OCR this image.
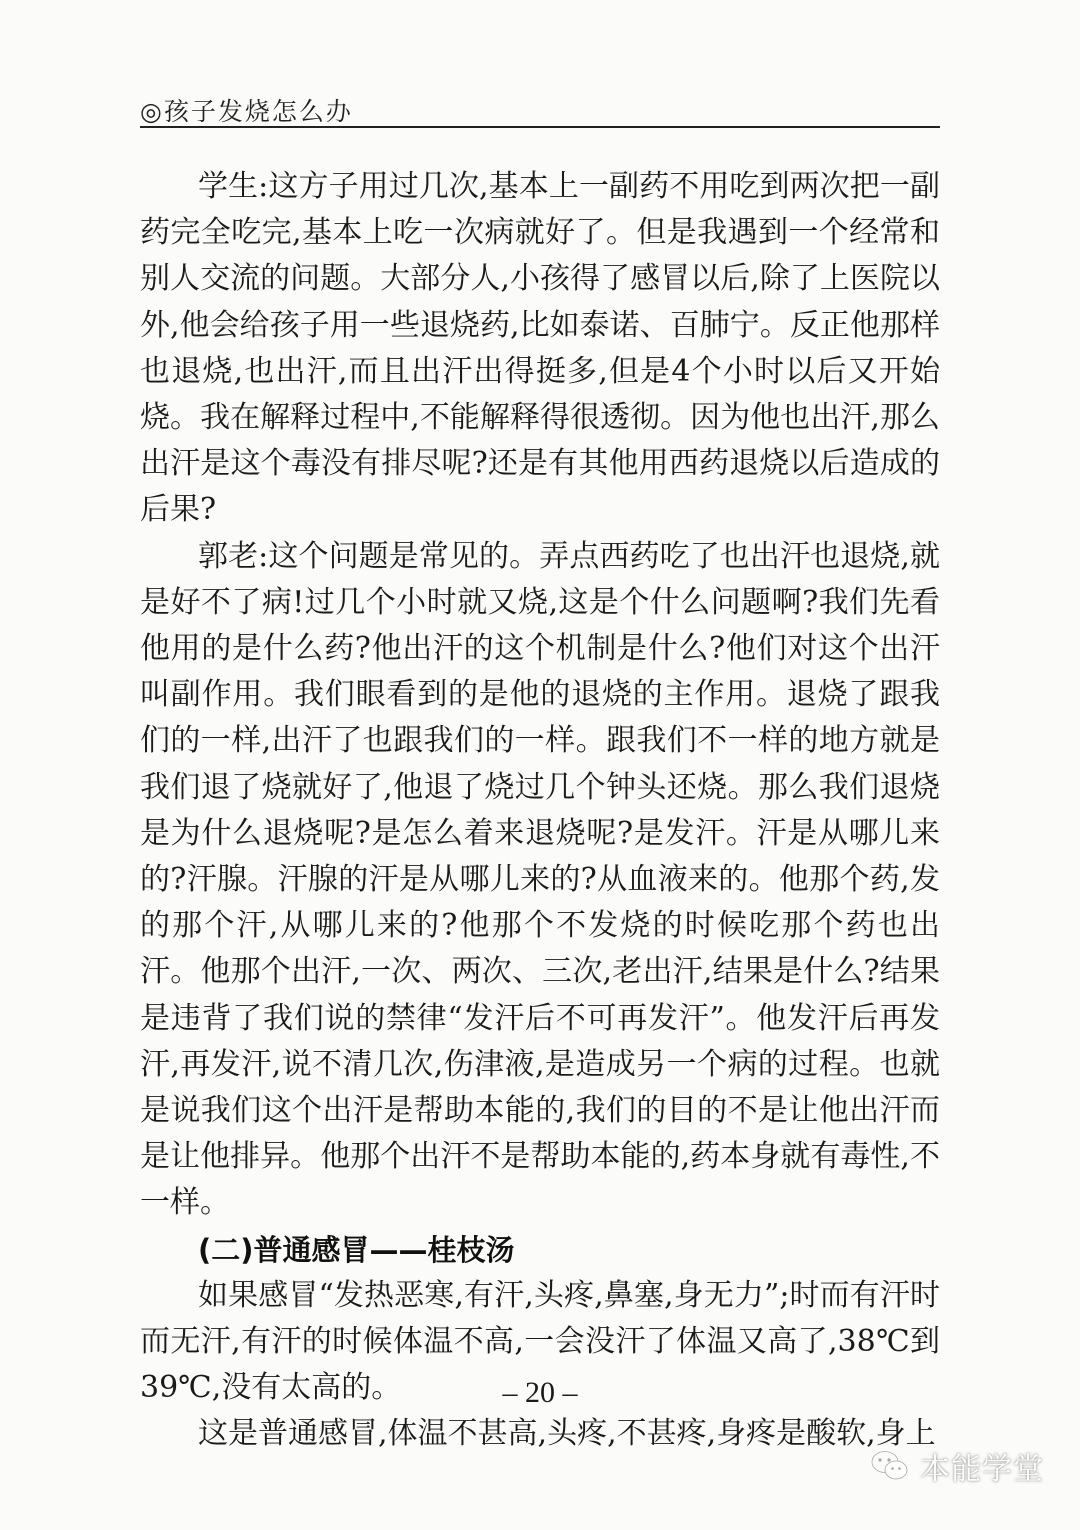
◎孩子发烧怎么办

学生:这方子用过几次,基本上一副药不用吃到两次把一副药完全吃完,基本上吃一次病就好了。但是我遇到一个经常和别人交流的问题。大部分人,小孩得了感冒以后,除了上医院以外,他会给孩子用一些退烧药,比如泰诺、百肺宁。反正他那样也退烧,也出汗,而且出汗出得挺多,但是4个小时以后又开始烧。我在解释过程中,不能解释得很透彻。因为他也出汗,那么出汗是这个毒没有排尽呢?还是有其他用西药退烧以后造成的后果?

郭老:这个问题是常见的。弄点西药吃了也出汗也退烧,就是好不了病!过几个小时就又烧,这是个什么问题啊?我们先看他用的是什么药?他出汗的这个机制是什么?他们对这个出汗叫副作用。我们眼看到的是他的退烧的主作用。退烧了跟我们的一样,出汗了也跟我们的一样。跟我们不一样的地方就是我们退了烧就好了,他退了烧过几个钟头还烧。那么我们退烧是为什么退烧呢?是怎么着来退烧呢?是发汗。汗是从哪儿来的?汗腺。汗腺的汗是从哪儿来的?从血液来的。他那个药,发的那个汗,从哪儿来的?他那个不发烧的时候吃那个药也出汗。他那个出汗,一次、两次、三次,老出汗,结果是什么?结果是违背了我们说的禁律“发汗后不可再发汗”。他发汗后再发汗,再发汗,说不清几次,伤津液,是造成另一个病的过程。也就是说我们这个出汗是帮助本能的,我们的目的不是让他出汗而是让他排异。他那个出汗不是帮助本能的,药本身就有毒性,不一样。

(二)普通感冒——桂枝汤

如果感冒“发热恶寒,有汗,头疼,鼻塞,身无力”;时而有汗时而无汗,有汗的时候体温不高,一会没汗了体温又高了,38℃到39℃,没有太高的。

这是普通感冒,体温不甚高,头疼,不甚疼,身疼是酸软,身上

– 20 –
本能学堂
